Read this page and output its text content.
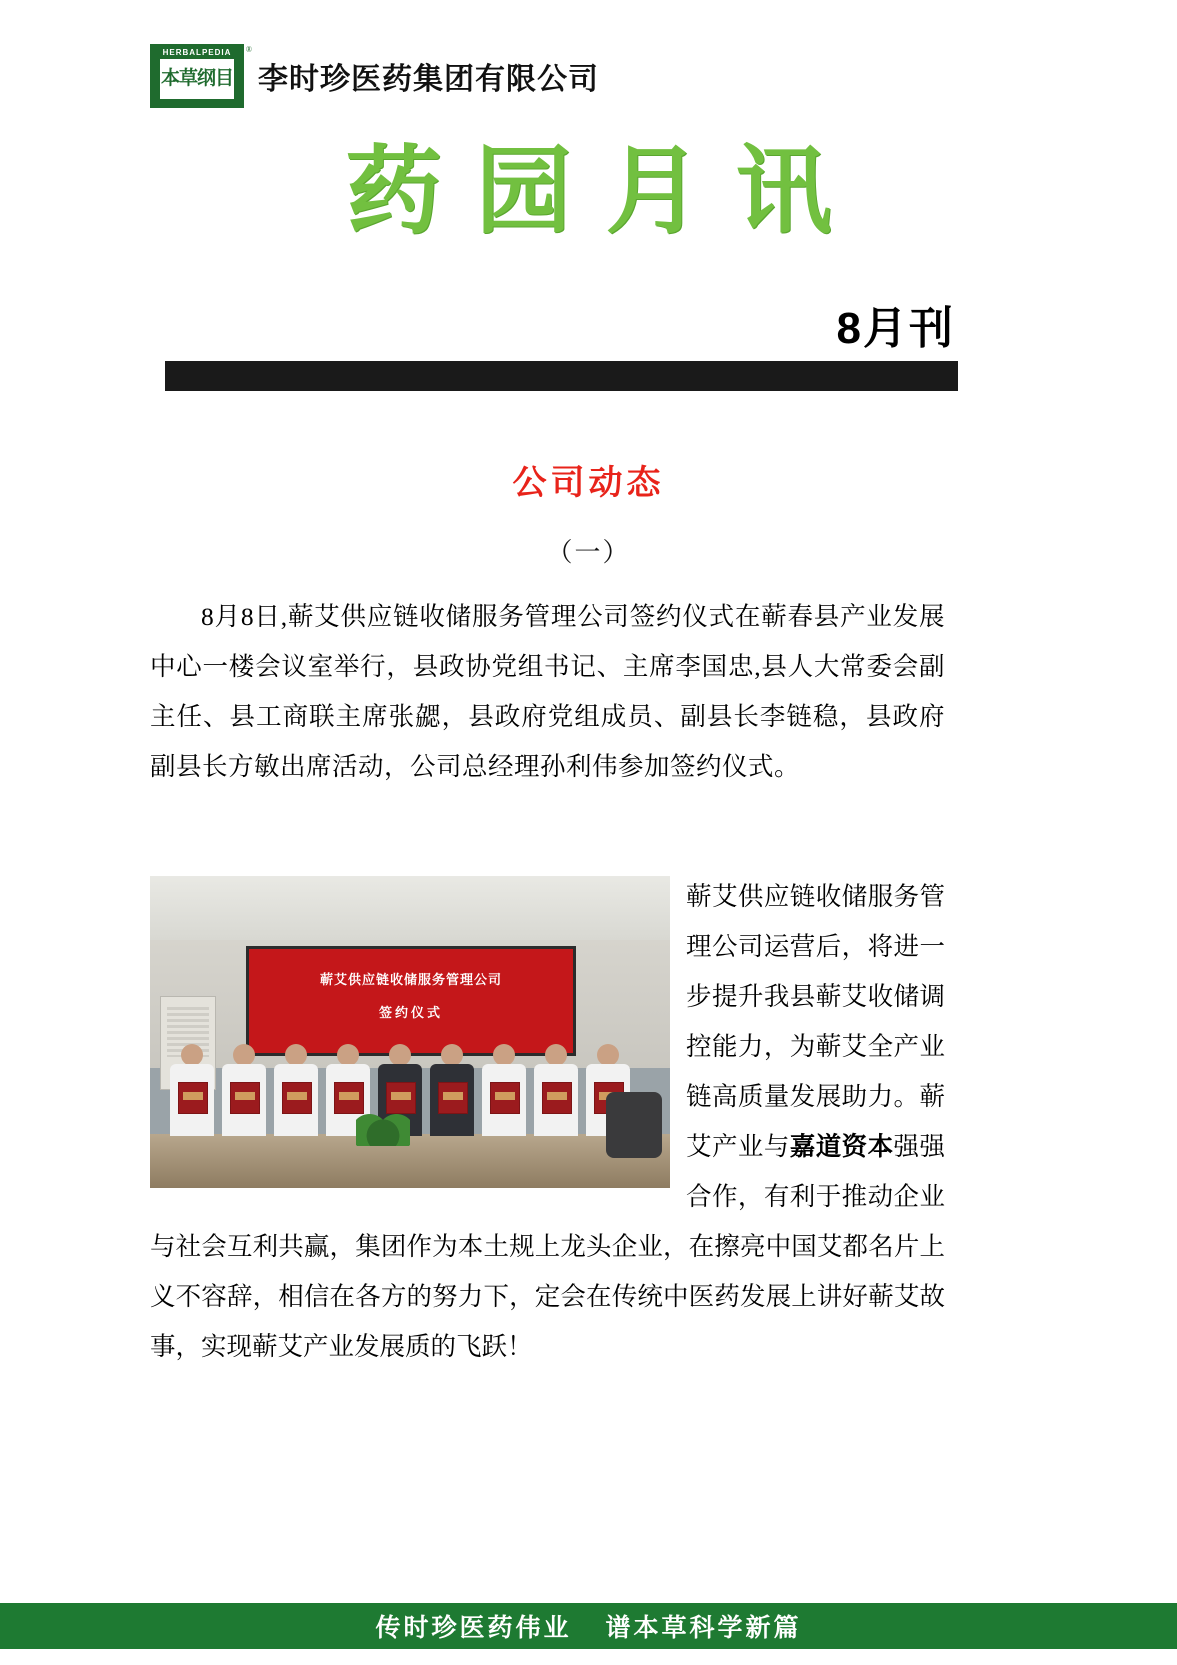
HERBALPEDIA
本草纲目
®
李时珍医药集团有限公司
药园月讯
8月刊
公司动态
（一）
8月8日,蕲艾供应链收储服务管理公司签约仪式在蕲春县产业发展中心一楼会议室举行，县政协党组书记、主席李国忠,县人大常委会副主任、县工商联主席张勰，县政府党组成员、副县长李链稳，县政府副县长方敏出席活动，公司总经理孙利伟参加签约仪式。
蕲艾供应链收储服务管理公司
签约仪式
蕲艾供应链收储服务管理公司运营后，将进一步提升我县蕲艾收储调控能力，为蕲艾全产业链高质量发展助力。蕲艾产业与嘉道资本强强合作，有利于推动企业与社会互利共赢，集团作为本土规上龙头企业，在擦亮中国艾都名片上义不容辞，相信在各方的努力下，定会在传统中医药发展上讲好蕲艾故事，实现蕲艾产业发展质的飞跃！
传时珍医药伟业 谱本草科学新篇
